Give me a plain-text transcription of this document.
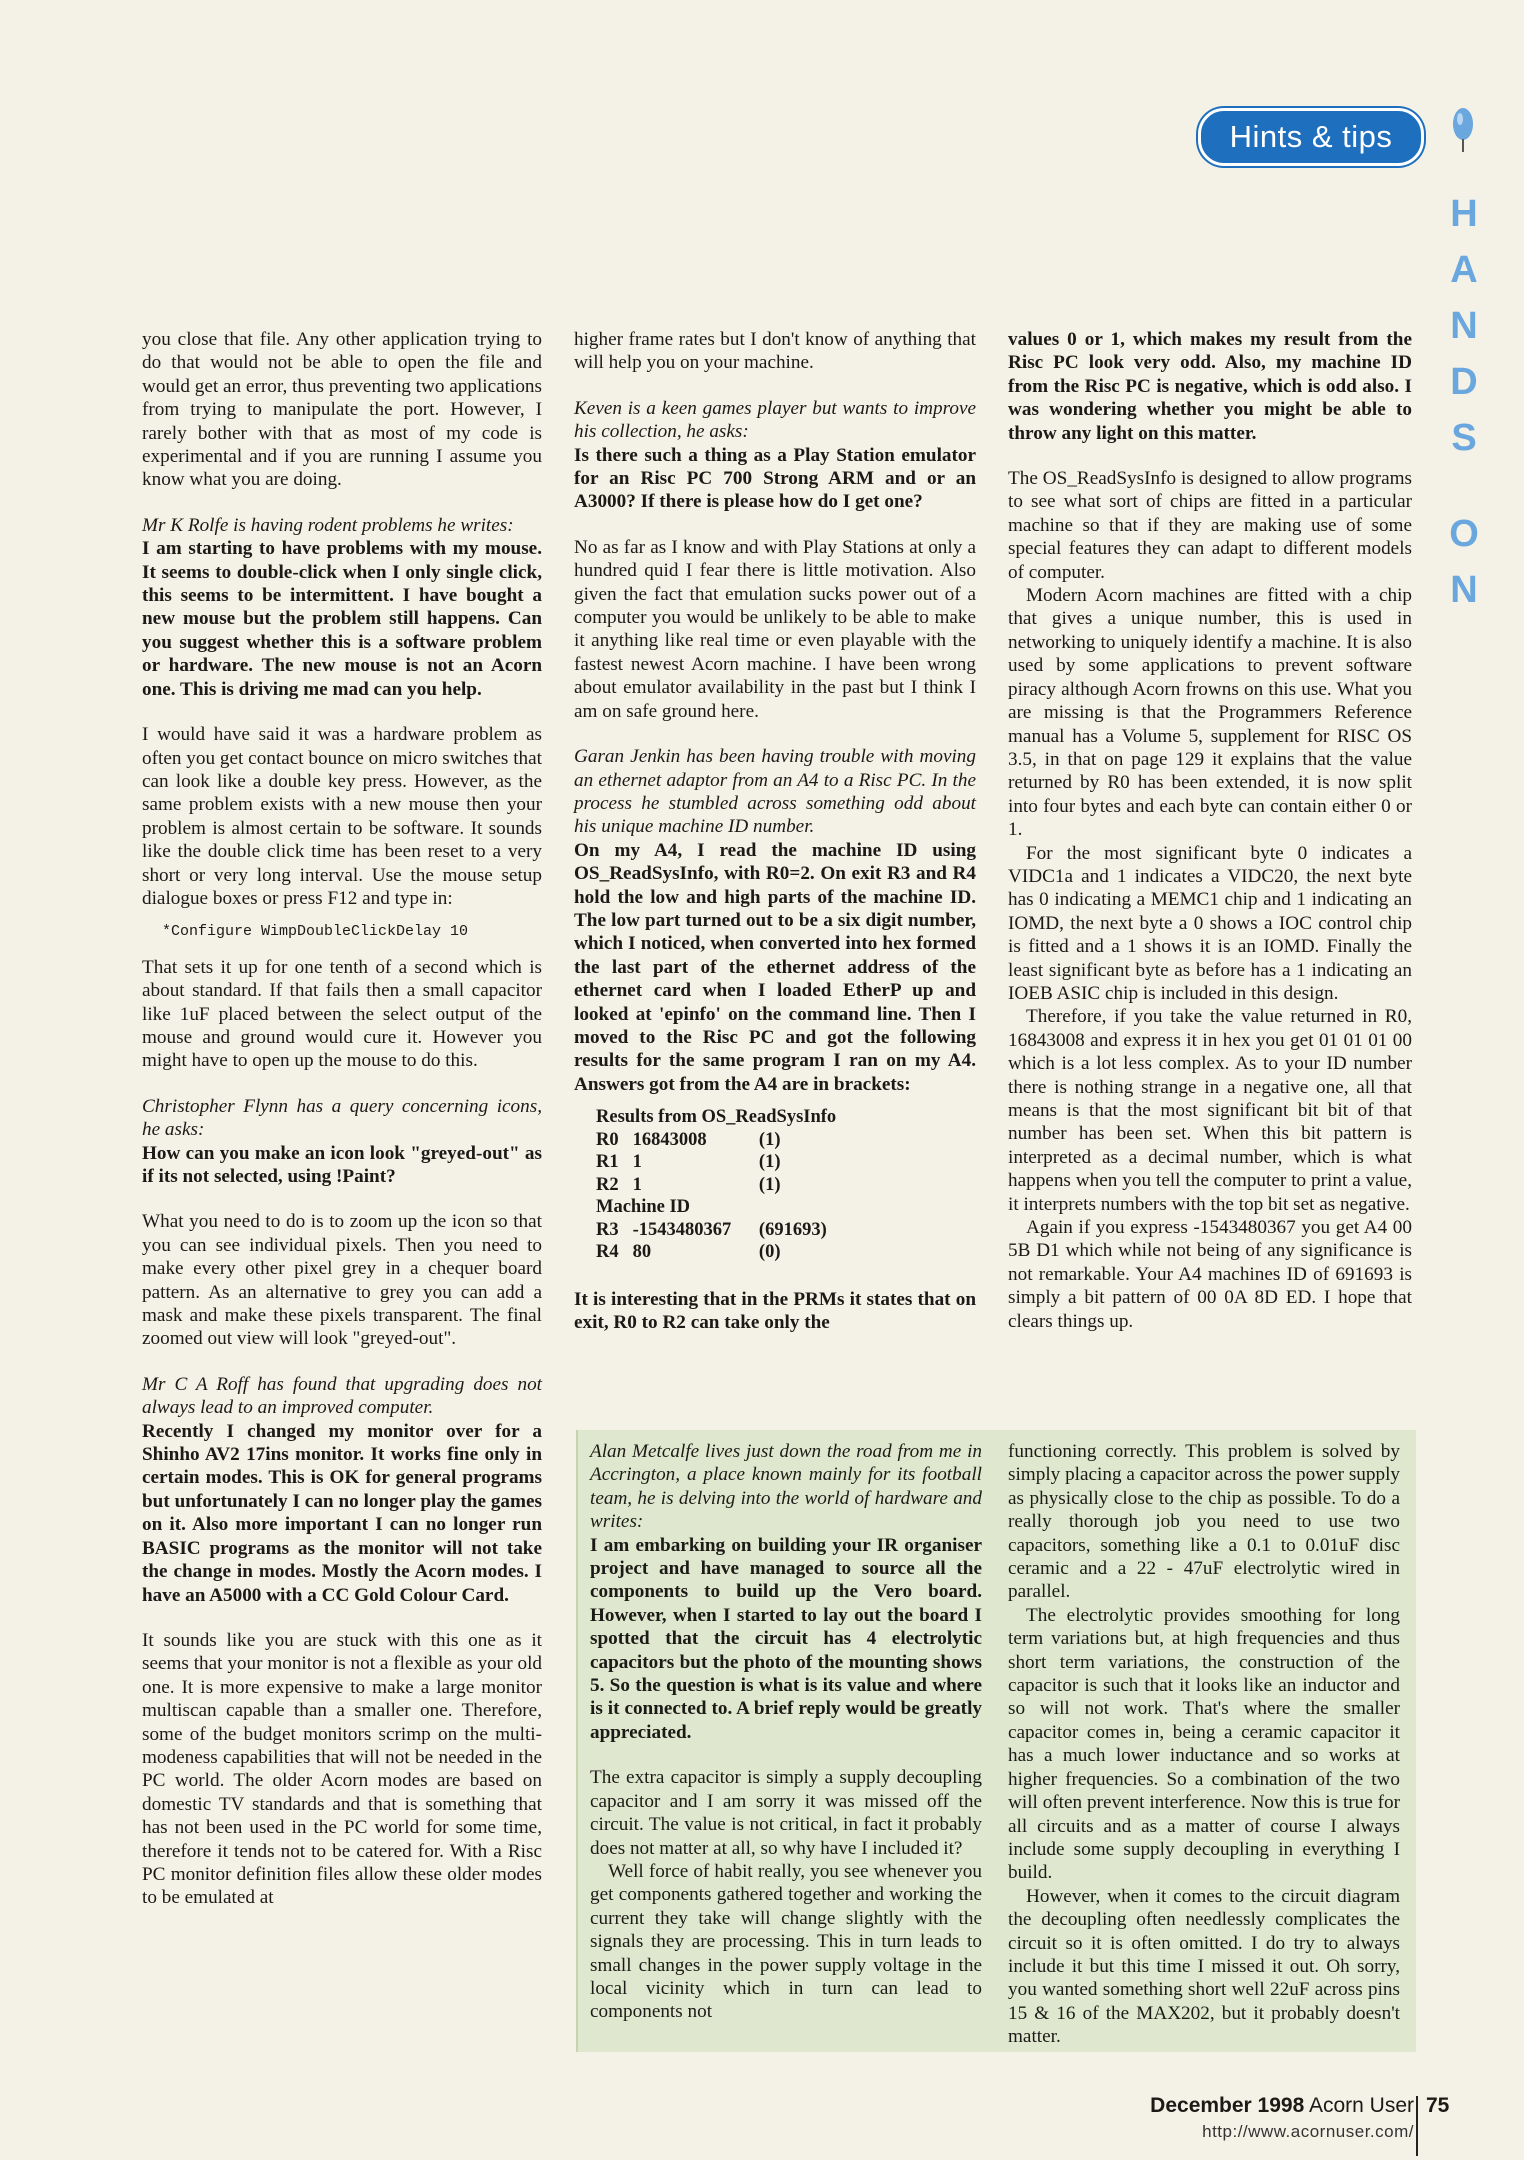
Hints & tips
H
A
N
D
S
O
N

you close that file. Any other application trying to do that would not be able to open the file and would get an error, thus preventing two applications from trying to manipulate the port. However, I rarely bother with that as most of my code is experimental and if you are running I assume you know what you are doing.

Mr K Rolfe is having rodent problems he writes:

I am starting to have problems with my mouse. It seems to double-click when I only single click, this seems to be intermittent. I have bought a new mouse but the problem still happens. Can you suggest whether this is a software problem or hardware. The new mouse is not an Acorn one. This is driving me mad can you help.

I would have said it was a hardware problem as often you get contact bounce on micro switches that can look like a double key press. However, as the same problem exists with a new mouse then your problem is almost certain to be software. It sounds like the double click time has been reset to a very short or very long interval. Use the mouse setup dialogue boxes or press F12 and type in:

*Configure WimpDoubleClickDelay 10

That sets it up for one tenth of a second which is about standard. If that fails then a small capacitor like 1uF placed between the select output of the mouse and ground would cure it. However you might have to open up the mouse to do this.

Christopher Flynn has a query concerning icons, he asks:

How can you make an icon look "greyed-out" as if its not selected, using !Paint?

What you need to do is to zoom up the icon so that you can see individual pixels. Then you need to make every other pixel grey in a chequer board pattern. As an alternative to grey you can add a mask and make these pixels transparent. The final zoomed out view will look "greyed-out".

Mr C A Roff has found that upgrading does not always lead to an improved computer.

Recently I changed my monitor over for a Shinho AV2 17ins monitor. It works fine only in certain modes. This is OK for general programs but unfortunately I can no longer play the games on it. Also more important I can no longer run BASIC programs as the monitor will not take the change in modes. Mostly the Acorn modes. I have an A5000 with a CC Gold Colour Card.

It sounds like you are stuck with this one as it seems that your monitor is not a flexible as your old one. It is more expensive to make a large monitor multiscan capable than a smaller one. Therefore, some of the budget monitors scrimp on the multi-modeness capabilities that will not be needed in the PC world. The older Acorn modes are based on domestic TV standards and that is something that has not been used in the PC world for some time, therefore it tends not to be catered for. With a Risc PC monitor definition files allow these older modes to be emulated at

higher frame rates but I don't know of anything that will help you on your machine.

Keven is a keen games player but wants to improve his collection, he asks:

Is there such a thing as a Play Station emulator for an Risc PC 700 Strong ARM and or an A3000? If there is please how do I get one?

No as far as I know and with Play Stations at only a hundred quid I fear there is little motivation. Also given the fact that emulation sucks power out of a computer you would be unlikely to be able to make it anything like real time or even playable with the fastest newest Acorn machine. I have been wrong about emulator availability in the past but I think I am on safe ground here.

Garan Jenkin has been having trouble with moving an ethernet adaptor from an A4 to a Risc PC. In the process he stumbled across something odd about his unique machine ID number.

On my A4, I read the machine ID using OS_ReadSysInfo, with R0=2. On exit R3 and R4 hold the low and high parts of the machine ID. The low part turned out to be a six digit number, which I noticed, when converted into hex formed the last part of the ethernet address of the ethernet card when I loaded EtherP up and looked at 'epinfo' on the command line. Then I moved to the Risc PC and got the following results for the same program I ran on my A4. Answers got from the A4 are in brackets:

Results from OS_ReadSysInfo		
R0	16843008	(1)
R1	1	(1)
R2	1	(1)
Machine ID		
R3	-1543480367	(691693)
R4	80	(0)

It is interesting that in the PRMs it states that on exit, R0 to R2 can take only the

values 0 or 1, which makes my result from the Risc PC look very odd. Also, my machine ID from the Risc PC is negative, which is odd also. I was wondering whether you might be able to throw any light on this matter.

The OS_ReadSysInfo is designed to allow programs to see what sort of chips are fitted in a particular machine so that if they are making use of some special features they can adapt to different models of computer.

Modern Acorn machines are fitted with a chip that gives a unique number, this is used in networking to uniquely identify a machine. It is also used by some applications to prevent software piracy although Acorn frowns on this use. What you are missing is that the Programmers Reference manual has a Volume 5, supplement for RISC OS 3.5, in that on page 129 it explains that the value returned by R0 has been extended, it is now split into four bytes and each byte can contain either 0 or 1.

For the most significant byte 0 indicates a VIDC1a and 1 indicates a VIDC20, the next byte has 0 indicating a MEMC1 chip and 1 indicating an IOMD, the next byte a 0 shows a IOC control chip is fitted and a 1 shows it is an IOMD. Finally the least significant byte as before has a 1 indicating an IOEB ASIC chip is included in this design.

Therefore, if you take the value returned in R0, 16843008 and express it in hex you get 01 01 01 00 which is a lot less complex. As to your ID number there is nothing strange in a negative one, all that means is that the most significant bit bit of that number has been set. When this bit pattern is interpreted as a decimal number, which is what happens when you tell the computer to print a value, it interprets numbers with the top bit set as negative.

Again if you express -1543480367 you get A4 00 5B D1 which while not being of any significance is not remarkable. Your A4 machines ID of 691693 is simply a bit pattern of 00 0A 8D ED. I hope that clears things up.

Alan Metcalfe lives just down the road from me in Accrington, a place known mainly for its football team, he is delving into the world of hardware and writes:

I am embarking on building your IR organiser project and have managed to source all the components to build up the Vero board. However, when I started to lay out the board I spotted that the circuit has 4 electrolytic capacitors but the photo of the mounting shows 5. So the question is what is its value and where is it connected to. A brief reply would be greatly appreciated.

The extra capacitor is simply a supply decoupling capacitor and I am sorry it was missed off the circuit. The value is not critical, in fact it probably does not matter at all, so why have I included it?

Well force of habit really, you see whenever you get components gathered together and working the current they take will change slightly with the signals they are processing. This in turn leads to small changes in the power supply voltage in the local vicinity which in turn can lead to components not

functioning correctly. This problem is solved by simply placing a capacitor across the power supply as physically close to the chip as possible. To do a really thorough job you need to use two capacitors, something like a 0.1 to 0.01uF disc ceramic and a 22 - 47uF electrolytic wired in parallel.

The electrolytic provides smoothing for long term variations but, at high frequencies and thus short term variations, the construction of the capacitor is such that it looks like an inductor and so will not work. That's where the smaller capacitor comes in, being a ceramic capacitor it has a much lower inductance and so works at higher frequencies. So a combination of the two will often prevent interference. Now this is true for all circuits and as a matter of course I always include some supply decoupling in everything I build.

However, when it comes to the circuit diagram the decoupling often needlessly complicates the circuit so it is often omitted. I do try to always include it but this time I missed it out. Oh sorry, you wanted something short well 22uF across pins 15 & 16 of the MAX202, but it probably doesn't matter.

December 1998 Acorn User
http://www.acornuser.com/
75
